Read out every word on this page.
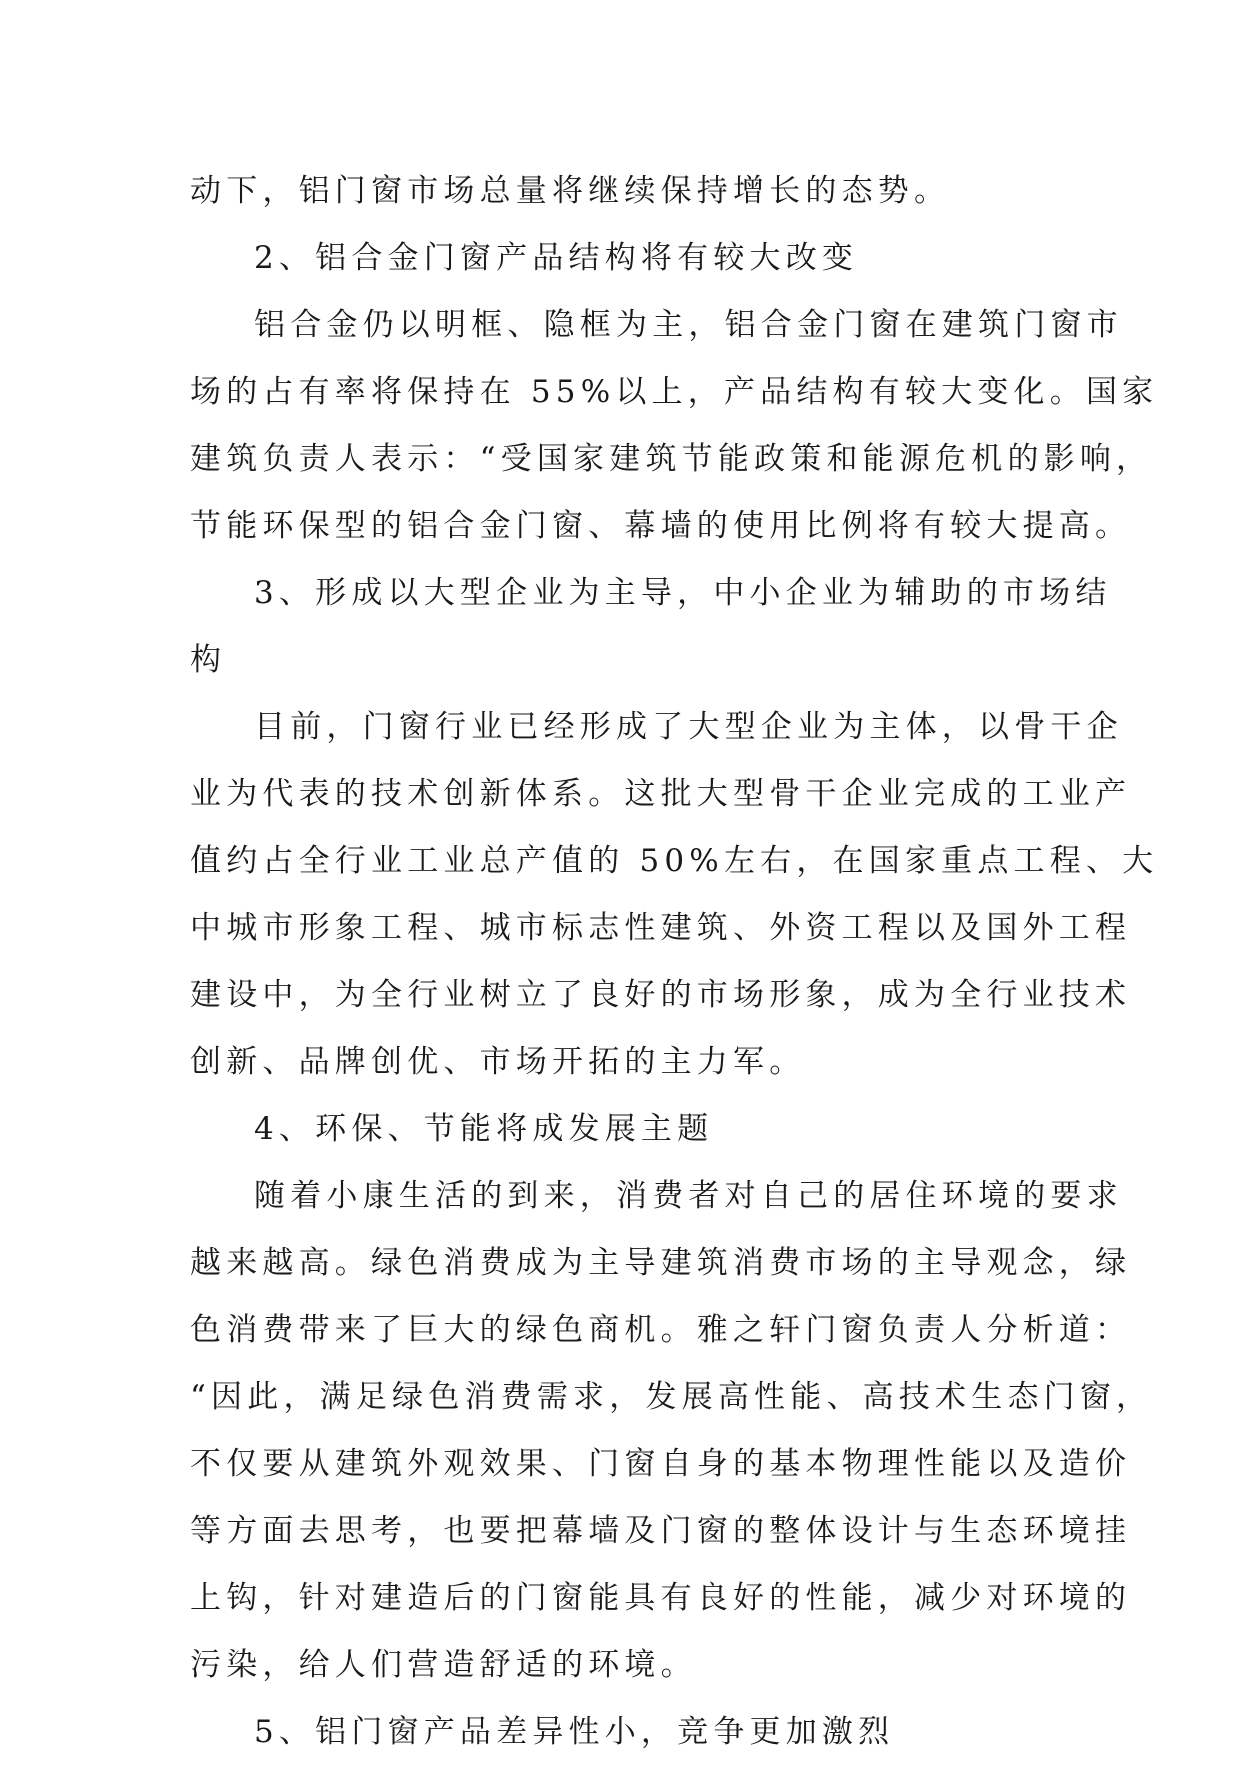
动下，铝门窗市场总量将继续保持增长的态势。
2、铝合金门窗产品结构将有较大改变
铝合金仍以明框、隐框为主，铝合金门窗在建筑门窗市
场的占有率将保持在 55%以上，产品结构有较大变化。国家
建筑负责人表示：“受国家建筑节能政策和能源危机的影响，
节能环保型的铝合金门窗、幕墙的使用比例将有较大提高。
3、形成以大型企业为主导，中小企业为辅助的市场结
构
目前，门窗行业已经形成了大型企业为主体，以骨干企
业为代表的技术创新体系。这批大型骨干企业完成的工业产
值约占全行业工业总产值的 50%左右，在国家重点工程、大
中城市形象工程、城市标志性建筑、外资工程以及国外工程
建设中，为全行业树立了良好的市场形象，成为全行业技术
创新、品牌创优、市场开拓的主力军。
4、环保、节能将成发展主题
随着小康生活的到来，消费者对自己的居住环境的要求
越来越高。绿色消费成为主导建筑消费市场的主导观念，绿
色消费带来了巨大的绿色商机。雅之轩门窗负责人分析道：
“因此，满足绿色消费需求，发展高性能、高技术生态门窗，
不仅要从建筑外观效果、门窗自身的基本物理性能以及造价
等方面去思考，也要把幕墙及门窗的整体设计与生态环境挂
上钩，针对建造后的门窗能具有良好的性能，减少对环境的
污染，给人们营造舒适的环境。
5、铝门窗产品差异性小，竞争更加激烈
